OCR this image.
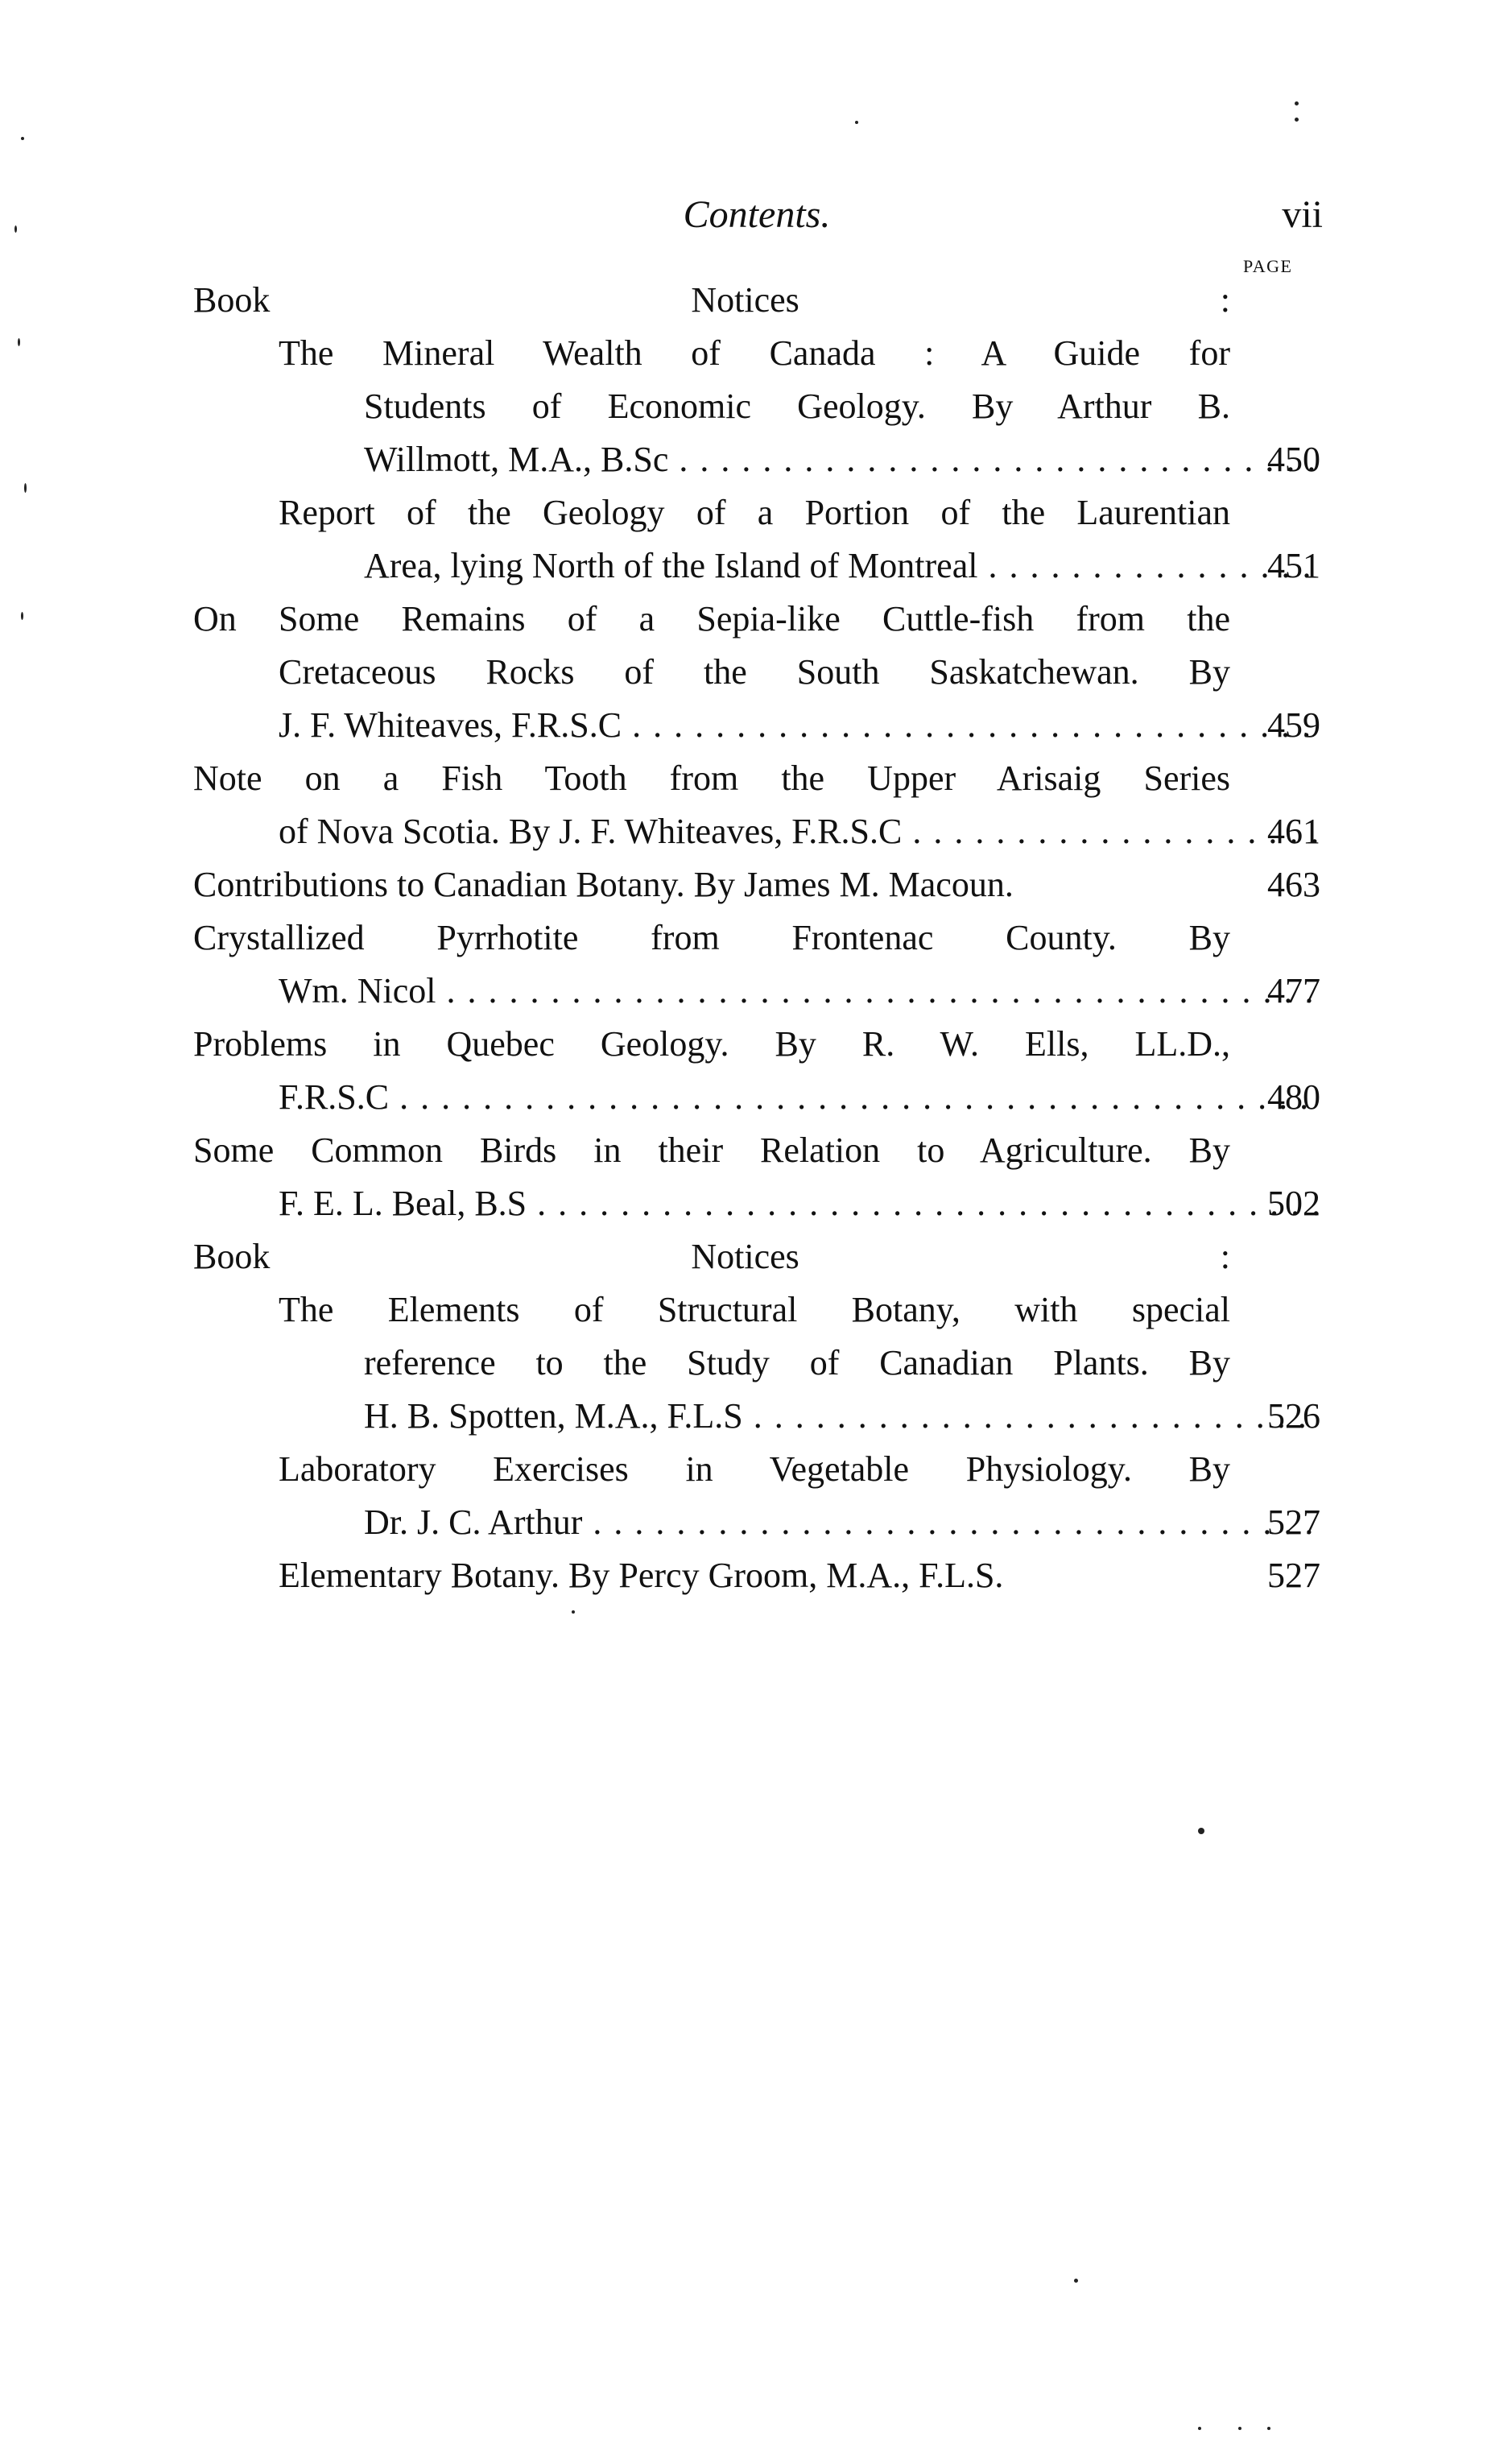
Contents.	vii
PAGE
Book Notices :
The Mineral Wealth of Canada : A Guide for
Students of Economic Geology. By Arthur B.
Willmott, M.A., B.Sc . . .	450
Report of the Geology of a Portion of the Laurentian
Area, lying North of the Island of Montreal . . .	451
On Some Remains of a Sepia-like Cuttle-fish from the
Cretaceous Rocks of the South Saskatchewan. By
J. F. Whiteaves, F.R.S.C . . .	459
Note on a Fish Tooth from the Upper Arisaig Series
of Nova Scotia. By J. F. Whiteaves, F.R.S.C . . .	461
Contributions to Canadian Botany. By James M. Macoun.	463
Crystallized Pyrrhotite from Frontenac County. By
Wm. Nicol . . .	477
Problems in Quebec Geology. By R. W. Ells, LL.D.,
F.R.S.C . . .	480
Some Common Birds in their Relation to Agriculture. By
F. E. L. Beal, B.S . . .	502
Book Notices :
The Elements of Structural Botany, with special
reference to the Study of Canadian Plants. By
H. B. Spotten, M.A., F.L.S . . .	526
Laboratory Exercises in Vegetable Physiology. By
Dr. J. C. Arthur . . .	527
Elementary Botany. By Percy Groom, M.A., F.L.S.	527
